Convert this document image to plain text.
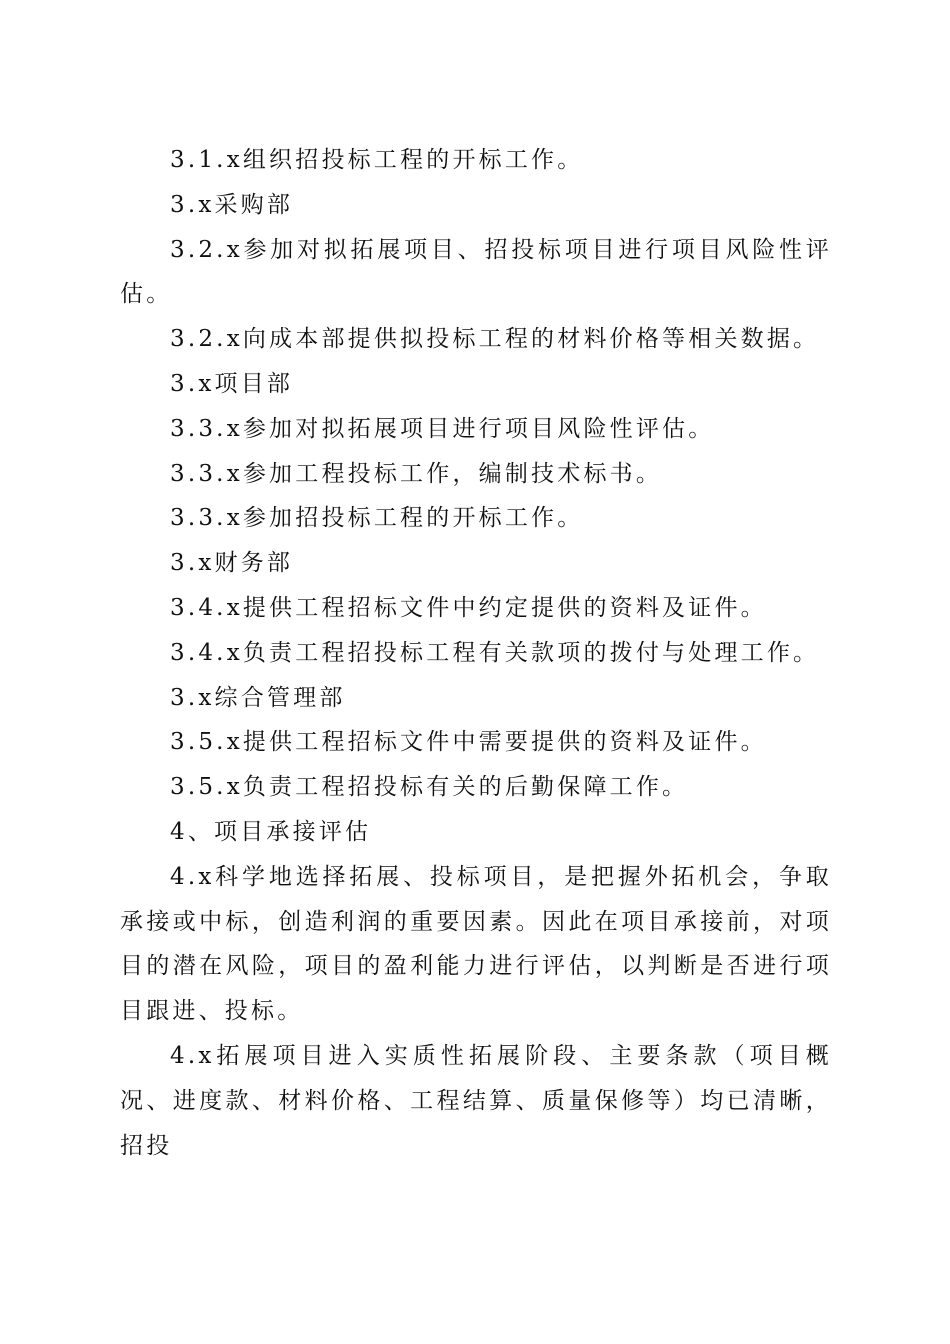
3.1.x组织招投标工程的开标工作。

3.x采购部

3.2.x参加对拟拓展项目、招投标项目进行项目风险性评估。

3.2.x向成本部提供拟投标工程的材料价格等相关数据。

3.x项目部

3.3.x参加对拟拓展项目进行项目风险性评估。

3.3.x参加工程投标工作，编制技术标书。

3.3.x参加招投标工程的开标工作。

3.x财务部

3.4.x提供工程招标文件中约定提供的资料及证件。

3.4.x负责工程招投标工程有关款项的拨付与处理工作。

3.x综合管理部

3.5.x提供工程招标文件中需要提供的资料及证件。

3.5.x负责工程招投标有关的后勤保障工作。

4、项目承接评估

4.x科学地选择拓展、投标项目，是把握外拓机会，争取承接或中标，创造利润的重要因素。因此在项目承接前，对项目的潜在风险，项目的盈利能力进行评估，以判断是否进行项目跟进、投标。

4.x拓展项目进入实质性拓展阶段、主要条款（项目概况、进度款、材料价格、工程结算、质量保修等）均已清晰，招投
